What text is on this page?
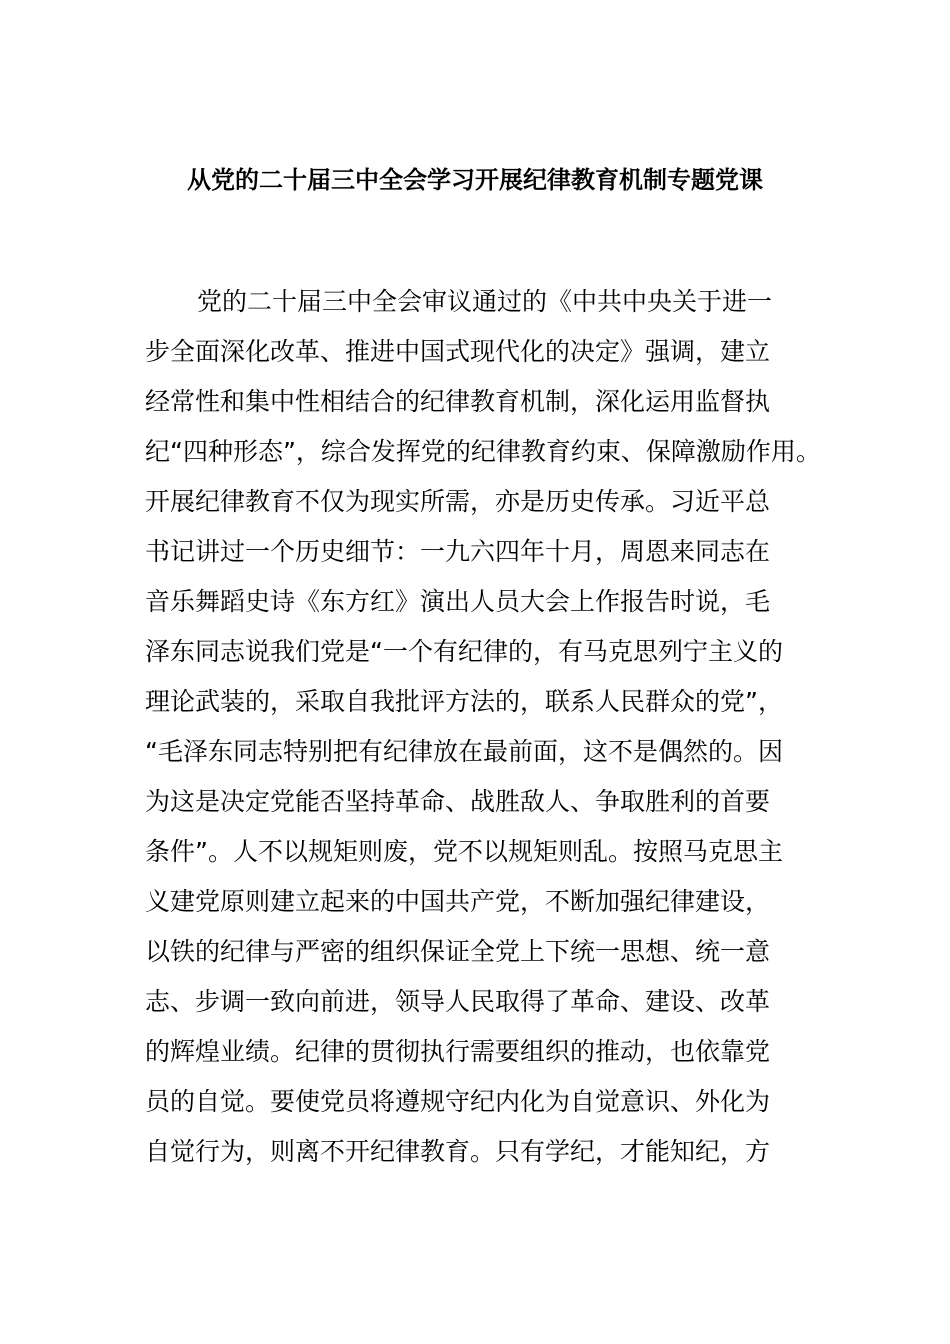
从党的二十届三中全会学习开展纪律教育机制专题党课
党的二十届三中全会审议通过的《中共中央关于进一
步全面深化改革、推进中国式现代化的决定》强调，建立
经常性和集中性相结合的纪律教育机制，深化运用监督执
纪“四种形态”，综合发挥党的纪律教育约束、保障激励作用。
开展纪律教育不仅为现实所需，亦是历史传承。习近平总
书记讲过一个历史细节：一九六四年十月，周恩来同志在
音乐舞蹈史诗《东方红》演出人员大会上作报告时说，毛
泽东同志说我们党是“一个有纪律的，有马克思列宁主义的
理论武装的，采取自我批评方法的，联系人民群众的党”，
“毛泽东同志特别把有纪律放在最前面，这不是偶然的。因
为这是决定党能否坚持革命、战胜敌人、争取胜利的首要
条件”。人不以规矩则废，党不以规矩则乱。按照马克思主
义建党原则建立起来的中国共产党，不断加强纪律建设，
以铁的纪律与严密的组织保证全党上下统一思想、统一意
志、步调一致向前进，领导人民取得了革命、建设、改革
的辉煌业绩。纪律的贯彻执行需要组织的推动，也依靠党
员的自觉。要使党员将遵规守纪内化为自觉意识、外化为
自觉行为，则离不开纪律教育。只有学纪，才能知纪，方
